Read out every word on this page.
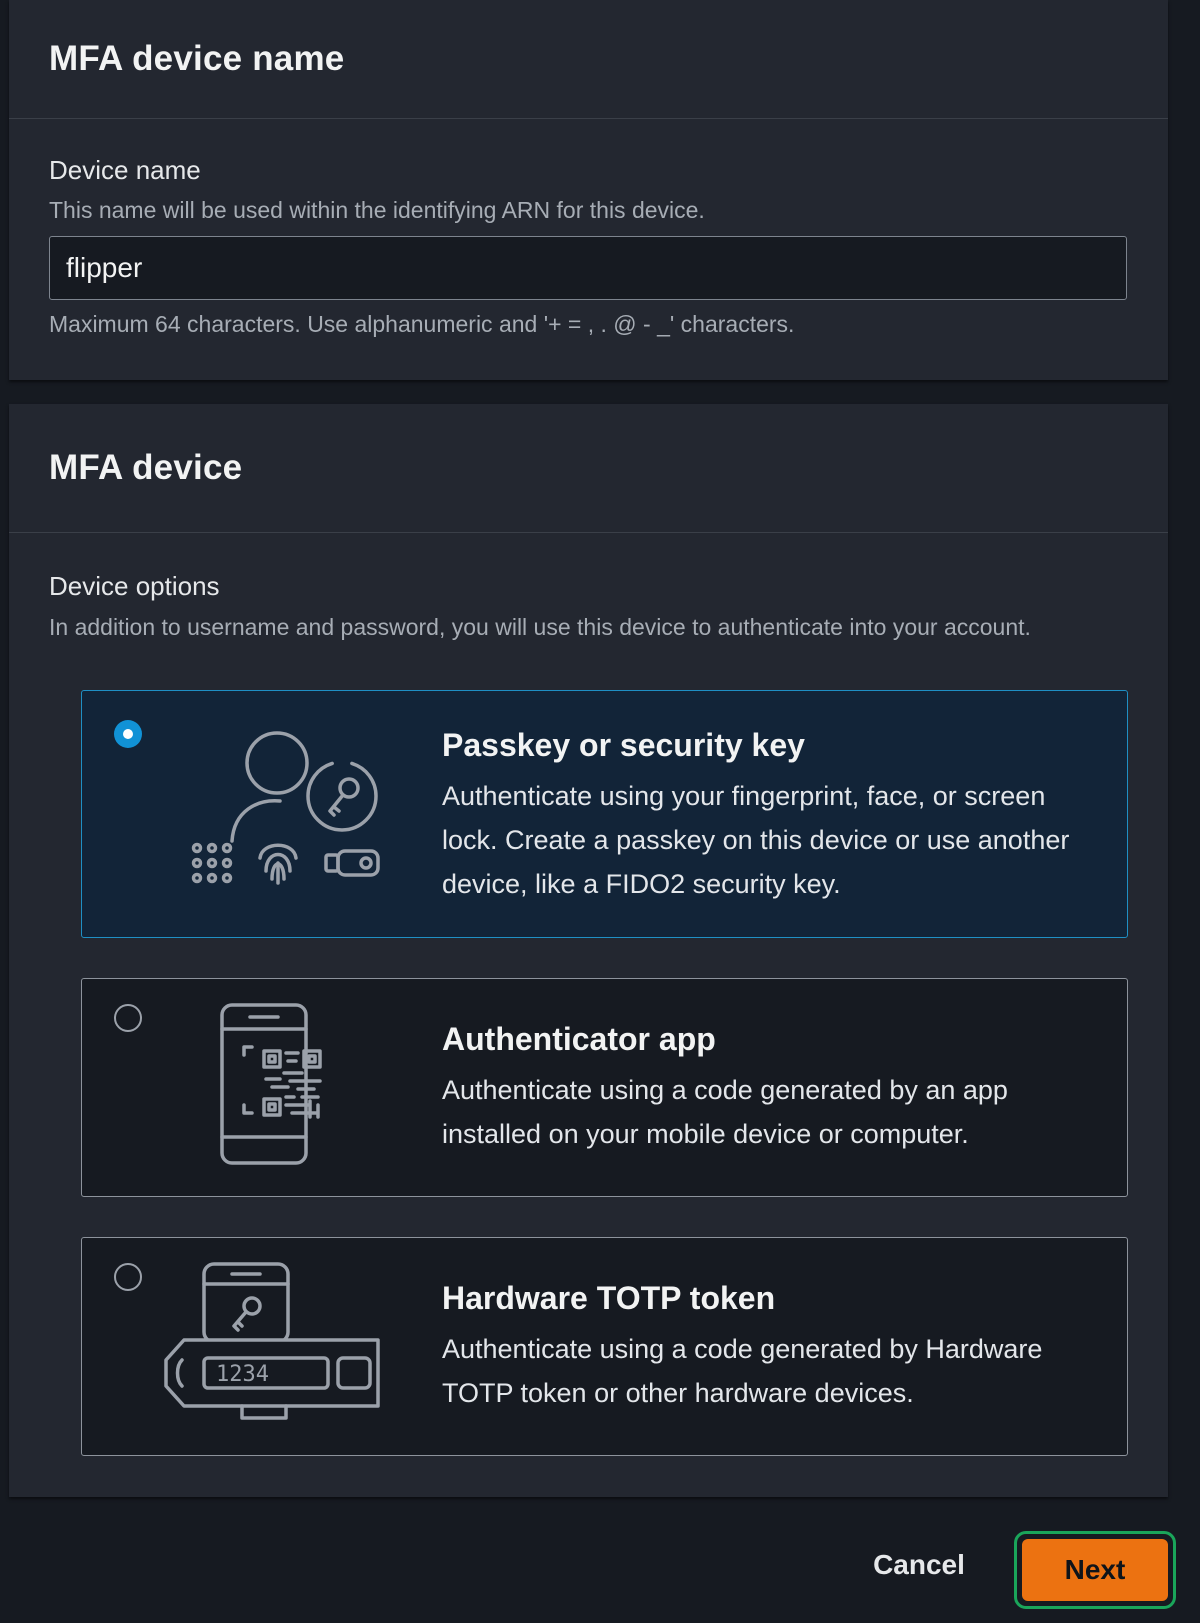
MFA device name
Device name
This name will be used within the identifying ARN for this device.
flipper
Maximum 64 characters. Use alphanumeric and '+ = , . @ - _' characters.
MFA device
Device options
In addition to username and password, you will use this device to authenticate into your account.

Passkey or security key

Authenticate using your fingerprint, face, or screen lock. Create a passkey on this device or use another device, like a FIDO2 security key.

Authenticator app

Authenticate using a code generated by an app installed on your mobile device or computer.

1234

Hardware TOTP token

Authenticate using a code generated by Hardware TOTP token or other hardware devices.

Cancel	Next
